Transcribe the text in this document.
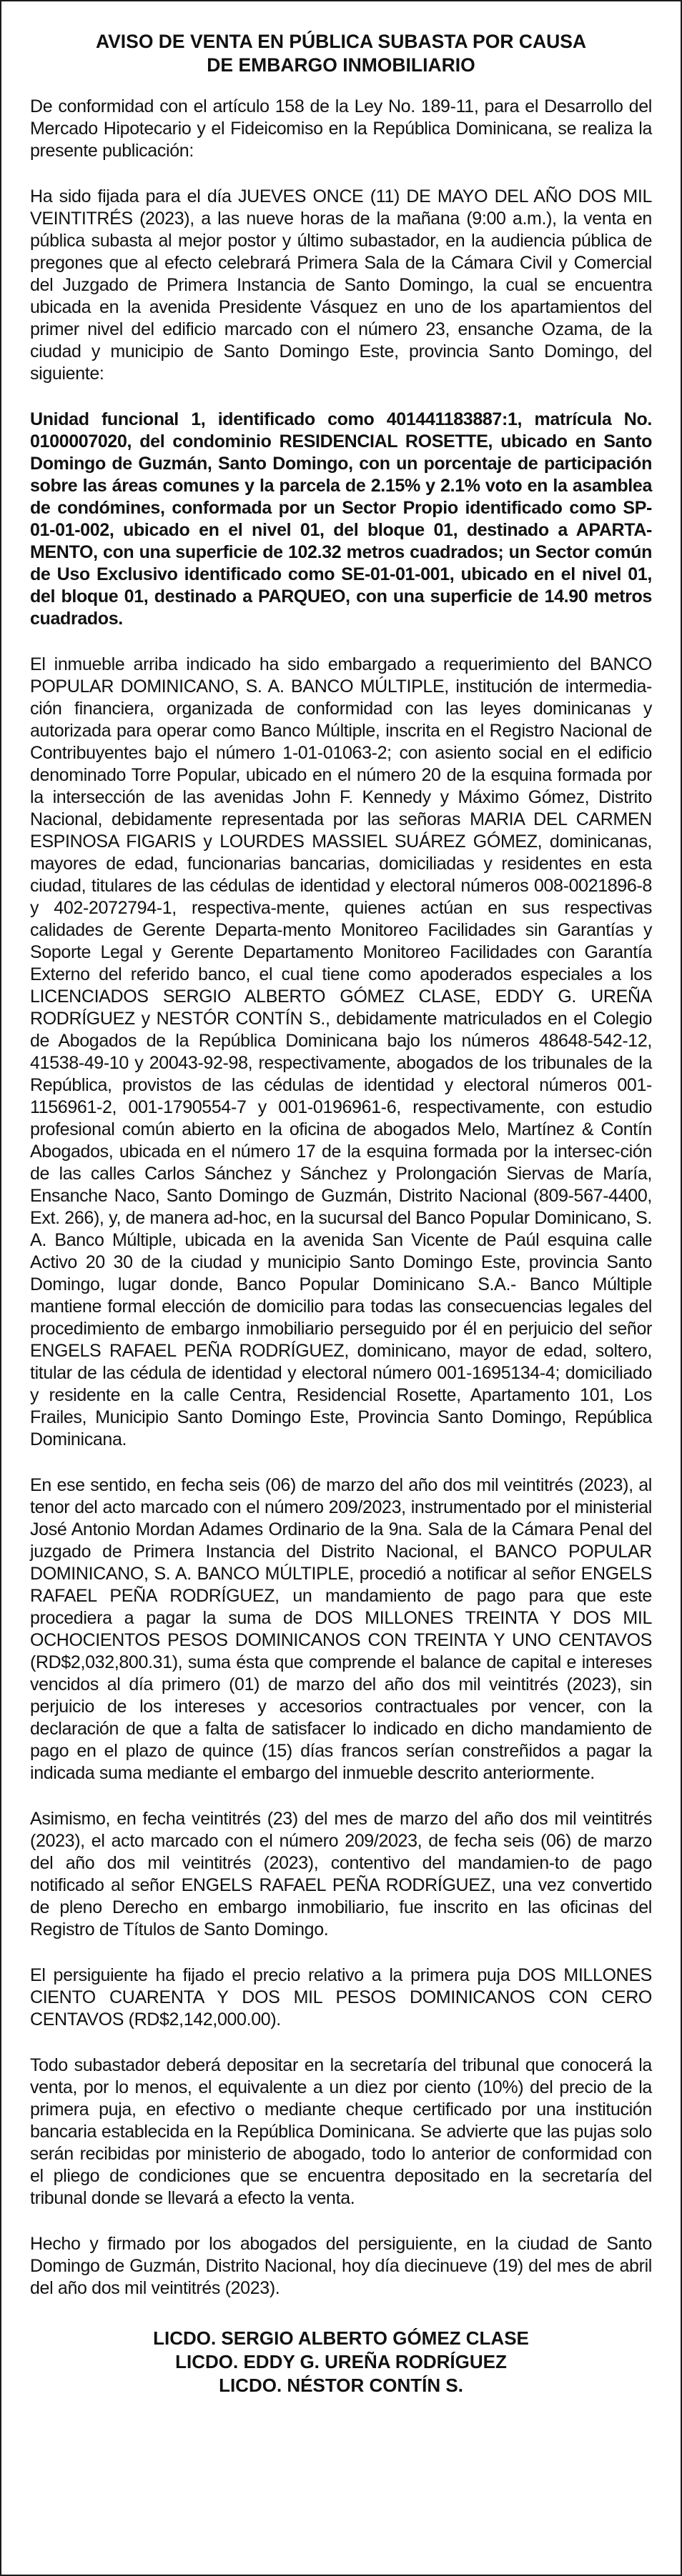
AVISO DE VENTA EN PÚBLICA SUBASTA POR CAUSA
DE EMBARGO INMOBILIARIO

De conformidad con el artículo 158 de la Ley No. 189-11, para el Desarrollo del Mercado Hipotecario y el Fideicomiso en la República Dominicana, se realiza la presente publicación:

Ha sido fijada para el día JUEVES ONCE (11) DE MAYO DEL AÑO DOS MIL VEINTITRÉS (2023), a las nueve horas de la mañana (9:00 a.m.), la venta en pública subasta al mejor postor y último subastador, en la audiencia pública de pregones que al efecto celebrará Primera Sala de la Cámara Civil y Comercial del Juzgado de Primera Instancia de Santo Domingo, la cual se encuentra ubicada en la avenida Presidente Vásquez en uno de los apartamientos del primer nivel del edificio marcado con el número 23, ensanche Ozama, de la ciudad y municipio de Santo Domingo Este, provincia Santo Domingo, del siguiente:

Unidad funcional 1, identificado como 401441183887:1, matrícula No. 0100007020, del condominio RESIDENCIAL ROSETTE, ubicado en Santo Domingo de Guzmán, Santo Domingo, con un porcentaje de participación sobre las áreas comunes y la parcela de 2.15% y 2.1% voto en la asamblea de condómines, conformada por un Sector Propio identificado como SP-01-01-002, ubicado en el nivel 01, del bloque 01, destinado a APARTA-MENTO, con una superficie de 102.32 metros cuadrados; un Sector común de Uso Exclusivo identificado como SE-01-01-001, ubicado en el nivel 01, del bloque 01, destinado a PARQUEO, con una superficie de 14.90 metros cuadrados.

El inmueble arriba indicado ha sido embargado a requerimiento del BANCO POPULAR DOMINICANO, S. A. BANCO MÚLTIPLE, institución de intermedia-ción financiera, organizada de conformidad con las leyes dominicanas y autorizada para operar como Banco Múltiple, inscrita en el Registro Nacional de Contribuyentes bajo el número 1-01-01063-2; con asiento social en el edificio denominado Torre Popular, ubicado en el número 20 de la esquina formada por la intersección de las avenidas John F. Kennedy y Máximo Gómez, Distrito Nacional, debidamente representada por las señoras MARIA DEL CARMEN ESPINOSA FIGARIS y LOURDES MASSIEL SUÁREZ GÓMEZ, dominicanas, mayores de edad, funcionarias bancarias, domiciliadas y residentes en esta ciudad, titulares de las cédulas de identidad y electoral números 008-0021896-8 y 402-2072794-1, respectiva-mente, quienes actúan en sus respectivas calidades de Gerente Departa-mento Monitoreo Facilidades sin Garantías y Soporte Legal y Gerente Departamento Monitoreo Facilidades con Garantía Externo del referido banco, el cual tiene como apoderados especiales a los LICENCIADOS SERGIO ALBERTO GÓMEZ CLASE, EDDY G. UREÑA RODRÍGUEZ y NESTÓR CONTÍN S., debidamente matriculados en el Colegio de Abogados de la República Dominicana bajo los números 48648-542-12, 41538-49-10 y 20043-92-98, respectivamente, abogados de los tribunales de la República, provistos de las cédulas de identidad y electoral números 001-1156961-2, 001-1790554-7 y 001-0196961-6, respectivamente, con estudio profesional común abierto en la oficina de abogados Melo, Martínez & Contín Abogados, ubicada en el número 17 de la esquina formada por la intersec-ción de las calles Carlos Sánchez y Sánchez y Prolongación Siervas de María, Ensanche Naco, Santo Domingo de Guzmán, Distrito Nacional (809-567-4400, Ext. 266), y, de manera ad-hoc, en la sucursal del Banco Popular Dominicano, S. A. Banco Múltiple, ubicada en la avenida San Vicente de Paúl esquina calle Activo 20 30 de la ciudad y municipio Santo Domingo Este, provincia Santo Domingo, lugar donde, Banco Popular Dominicano S.A.- Banco Múltiple mantiene formal elección de domicilio para todas las consecuencias legales del procedimiento de embargo inmobiliario perseguido por él en perjuicio del señor ENGELS RAFAEL PEÑA RODRÍGUEZ, dominicano, mayor de edad, soltero, titular de las cédula de identidad y electoral número 001-1695134-4; domiciliado y residente en la calle Centra, Residencial Rosette, Apartamento 101, Los Frailes, Municipio Santo Domingo Este, Provincia Santo Domingo, República Dominicana.

En ese sentido, en fecha seis (06) de marzo del año dos mil veintitrés (2023), al tenor del acto marcado con el número 209/2023, instrumentado por el ministerial José Antonio Mordan Adames Ordinario de la 9na. Sala de la Cámara Penal del juzgado de Primera Instancia del Distrito Nacional, el BANCO POPULAR DOMINICANO, S. A. BANCO MÚLTIPLE, procedió a notificar al señor ENGELS RAFAEL PEÑA RODRÍGUEZ, un mandamiento de pago para que este procediera a pagar la suma de DOS MILLONES TREINTA Y DOS MIL OCHOCIENTOS PESOS DOMINICANOS CON TREINTA Y UNO CENTAVOS (RD$2,032,800.31), suma ésta que comprende el balance de capital e intereses vencidos al día primero (01) de marzo del año dos mil veintitrés (2023), sin perjuicio de los intereses y accesorios contractuales por vencer, con la declaración de que a falta de satisfacer lo indicado en dicho mandamiento de pago en el plazo de quince (15) días francos serían constreñidos a pagar la indicada suma mediante el embargo del inmueble descrito anteriormente.

Asimismo, en fecha veintitrés (23) del mes de marzo del año dos mil veintitrés (2023), el acto marcado con el número 209/2023, de fecha seis (06) de marzo del año dos mil veintitrés (2023), contentivo del mandamien-to de pago notificado al señor ENGELS RAFAEL PEÑA RODRÍGUEZ, una vez convertido de pleno Derecho en embargo inmobiliario, fue inscrito en las oficinas del Registro de Títulos de Santo Domingo.

El persiguiente ha fijado el precio relativo a la primera puja DOS MILLONES CIENTO CUARENTA Y DOS MIL PESOS DOMINICANOS CON CERO CENTAVOS (RD$2,142,000.00).

Todo subastador deberá depositar en la secretaría del tribunal que conocerá la venta, por lo menos, el equivalente a un diez por ciento (10%) del precio de la primera puja, en efectivo o mediante cheque certificado por una institución bancaria establecida en la República Dominicana. Se advierte que las pujas solo serán recibidas por ministerio de abogado, todo lo anterior de conformidad con el pliego de condiciones que se encuentra depositado en la secretaría del tribunal donde se llevará a efecto la venta.

Hecho y firmado por los abogados del persiguiente, en la ciudad de Santo Domingo de Guzmán, Distrito Nacional, hoy día diecinueve (19) del mes de abril del año dos mil veintitrés (2023).

LICDO. SERGIO ALBERTO GÓMEZ CLASE
LICDO. EDDY G. UREÑA RODRÍGUEZ
LICDO. NÉSTOR CONTÍN S.
